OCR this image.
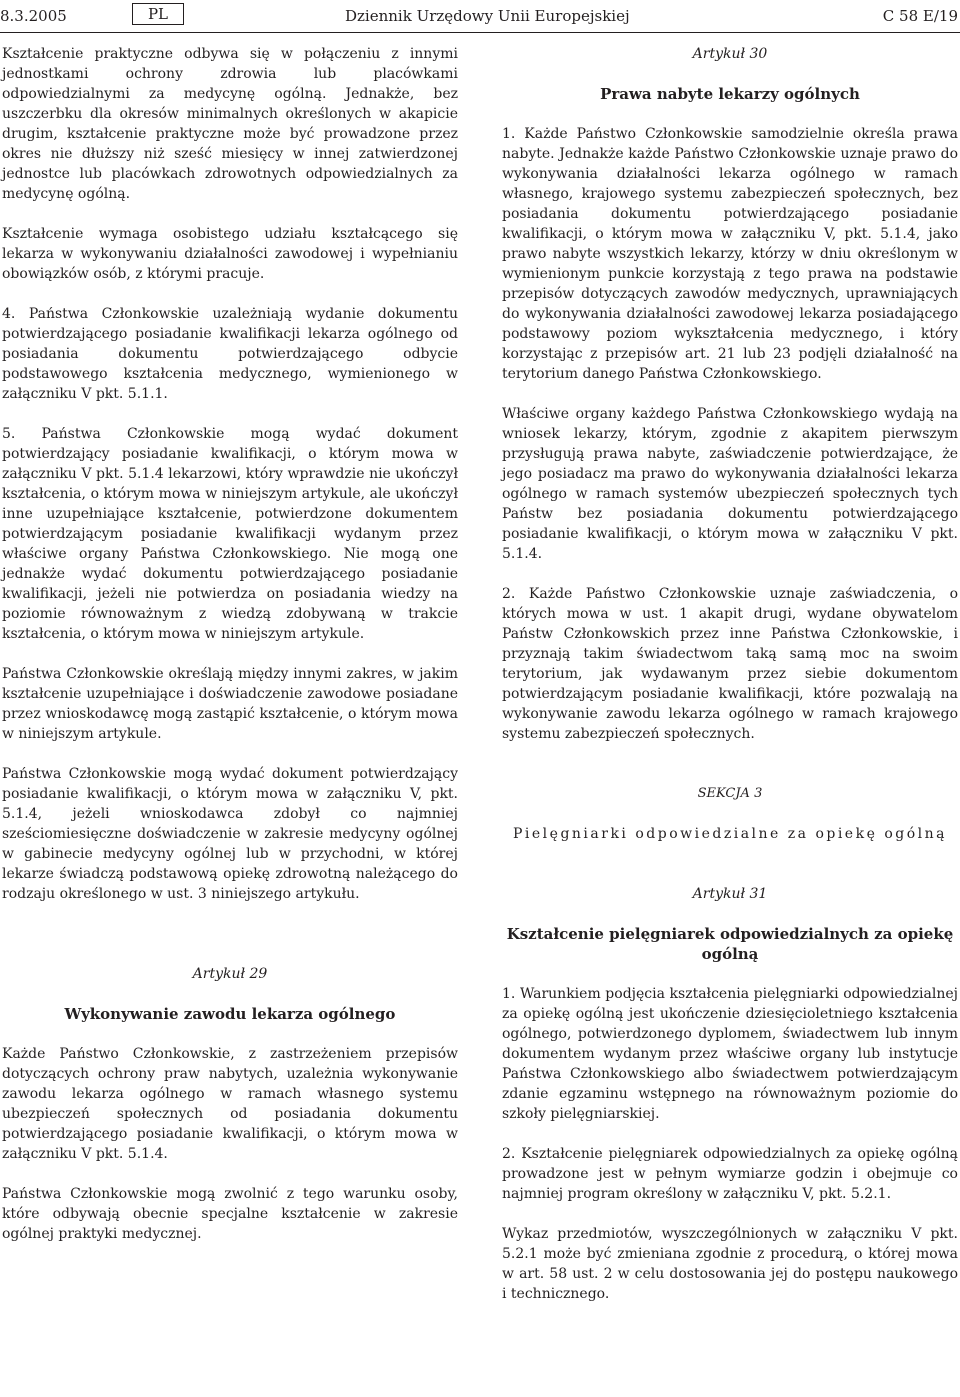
8.3.2005	PL	Dziennik Urzędowy Unii Europejskiej	C 58 E/19

Kształcenie praktyczne odbywa się w połączeniu z innymi jednostkami ochrony zdrowia lub placówkami odpowiedzialnymi za medycynę ogólną. Jednakże, bez uszczerbku dla okresów minimalnych określonych w akapicie drugim, kształcenie praktyczne może być prowadzone przez okres nie dłuższy niż sześć miesięcy w innej zatwierdzonej jednostce lub placówkach zdrowotnych odpowiedzialnych za medycynę ogólną.

Kształcenie wymaga osobistego udziału kształcącego się lekarza w wykonywaniu działalności zawodowej i wypełnianiu obowiązków osób, z którymi pracuje.

4. Państwa Członkowskie uzależniają wydanie dokumentu potwierdzającego posiadanie kwalifikacji lekarza ogólnego od posiadania dokumentu potwierdzającego odbycie podstawowego kształcenia medycznego, wymienionego w załączniku V pkt. 5.1.1.

5. Państwa Członkowskie mogą wydać dokument potwierdzający posiadanie kwalifikacji, o którym mowa w załączniku V pkt. 5.1.4 lekarzowi, który wprawdzie nie ukończył kształcenia, o którym mowa w niniejszym artykule, ale ukończył inne uzupełniające kształcenie, potwierdzone dokumentem potwierdzającym posiadanie kwalifikacji wydanym przez właściwe organy Państwa Członkowskiego. Nie mogą one jednakże wydać dokumentu potwierdzającego posiadanie kwalifikacji, jeżeli nie potwierdza on posiadania wiedzy na poziomie równoważnym z wiedzą zdobywaną w trakcie kształcenia, o którym mowa w niniejszym artykule.

Państwa Członkowskie określają między innymi zakres, w jakim kształcenie uzupełniające i doświadczenie zawodowe posiadane przez wnioskodawcę mogą zastąpić kształcenie, o którym mowa w niniejszym artykule.

Państwa Członkowskie mogą wydać dokument potwierdzający posiadanie kwalifikacji, o którym mowa w załączniku V, pkt. 5.1.4, jeżeli wnioskodawca zdobył co najmniej sześciomiesięczne doświadczenie w zakresie medycyny ogólnej w gabinecie medycyny ogólnej lub w przychodni, w której lekarze świadczą podstawową opiekę zdrowotną należącego do rodzaju określonego w ust. 3 niniejszego artykułu.

Artykuł 29

Wykonywanie zawodu lekarza ogólnego

Każde Państwo Członkowskie, z zastrzeżeniem przepisów dotyczących ochrony praw nabytych, uzależnia wykonywanie zawodu lekarza ogólnego w ramach własnego systemu ubezpieczeń społecznych od posiadania dokumentu potwierdzającego posiadanie kwalifikacji, o którym mowa w załączniku V pkt. 5.1.4.

Państwa Członkowskie mogą zwolnić z tego warunku osoby, które odbywają obecnie specjalne kształcenie w zakresie ogólnej praktyki medycznej.

Artykuł 30

Prawa nabyte lekarzy ogólnych

1. Każde Państwo Członkowskie samodzielnie określa prawa nabyte. Jednakże każde Państwo Członkowskie uznaje prawo do wykonywania działalności lekarza ogólnego w ramach własnego, krajowego systemu zabezpieczeń społecznych, bez posiadania dokumentu potwierdzającego posiadanie kwalifikacji, o którym mowa w załączniku V, pkt. 5.1.4, jako prawo nabyte wszystkich lekarzy, którzy w dniu określonym w wymienionym punkcie korzystają z tego prawa na podstawie przepisów dotyczących zawodów medycznych, uprawniających do wykonywania działalności zawodowej lekarza posiadającego podstawowy poziom wykształcenia medycznego, i który korzystając z przepisów art. 21 lub 23 podjęli działalność na terytorium danego Państwa Członkowskiego.

Właściwe organy każdego Państwa Członkowskiego wydają na wniosek lekarzy, którym, zgodnie z akapitem pierwszym przysługują prawa nabyte, zaświadczenie potwierdzające, że jego posiadacz ma prawo do wykonywania działalności lekarza ogólnego w ramach systemów ubezpieczeń społecznych tych Państw bez posiadania dokumentu potwierdzającego posiadanie kwalifikacji, o którym mowa w załączniku V pkt. 5.1.4.

2. Każde Państwo Członkowskie uznaje zaświadczenia, o których mowa w ust. 1 akapit drugi, wydane obywatelom Państw Członkowskich przez inne Państwa Członkowskie, i przyznają takim świadectwom taką samą moc na swoim terytorium, jak wydawanym przez siebie dokumentom potwierdzającym posiadanie kwalifikacji, które pozwalają na wykonywanie zawodu lekarza ogólnego w ramach krajowego systemu zabezpieczeń społecznych.

SEKCJA 3

Pielęgniarki odpowiedzialne za opiekę ogólną

Artykuł 31

Kształcenie pielęgniarek odpowiedzialnych za opiekę ogólną

1. Warunkiem podjęcia kształcenia pielęgniarki odpowiedzialnej za opiekę ogólną jest ukończenie dziesięcioletniego kształcenia ogólnego, potwierdzonego dyplomem, świadectwem lub innym dokumentem wydanym przez właściwe organy lub instytucje Państwa Członkowskiego albo świadectwem potwierdzającym zdanie egzaminu wstępnego na równoważnym poziomie do szkoły pielęgniarskiej.

2. Kształcenie pielęgniarek odpowiedzialnych za opiekę ogólną prowadzone jest w pełnym wymiarze godzin i obejmuje co najmniej program określony w załączniku V, pkt. 5.2.1.

Wykaz przedmiotów, wyszczególnionych w załączniku V pkt. 5.2.1 może być zmieniana zgodnie z procedurą, o której mowa w art. 58 ust. 2 w celu dostosowania jej do postępu naukowego i technicznego.
